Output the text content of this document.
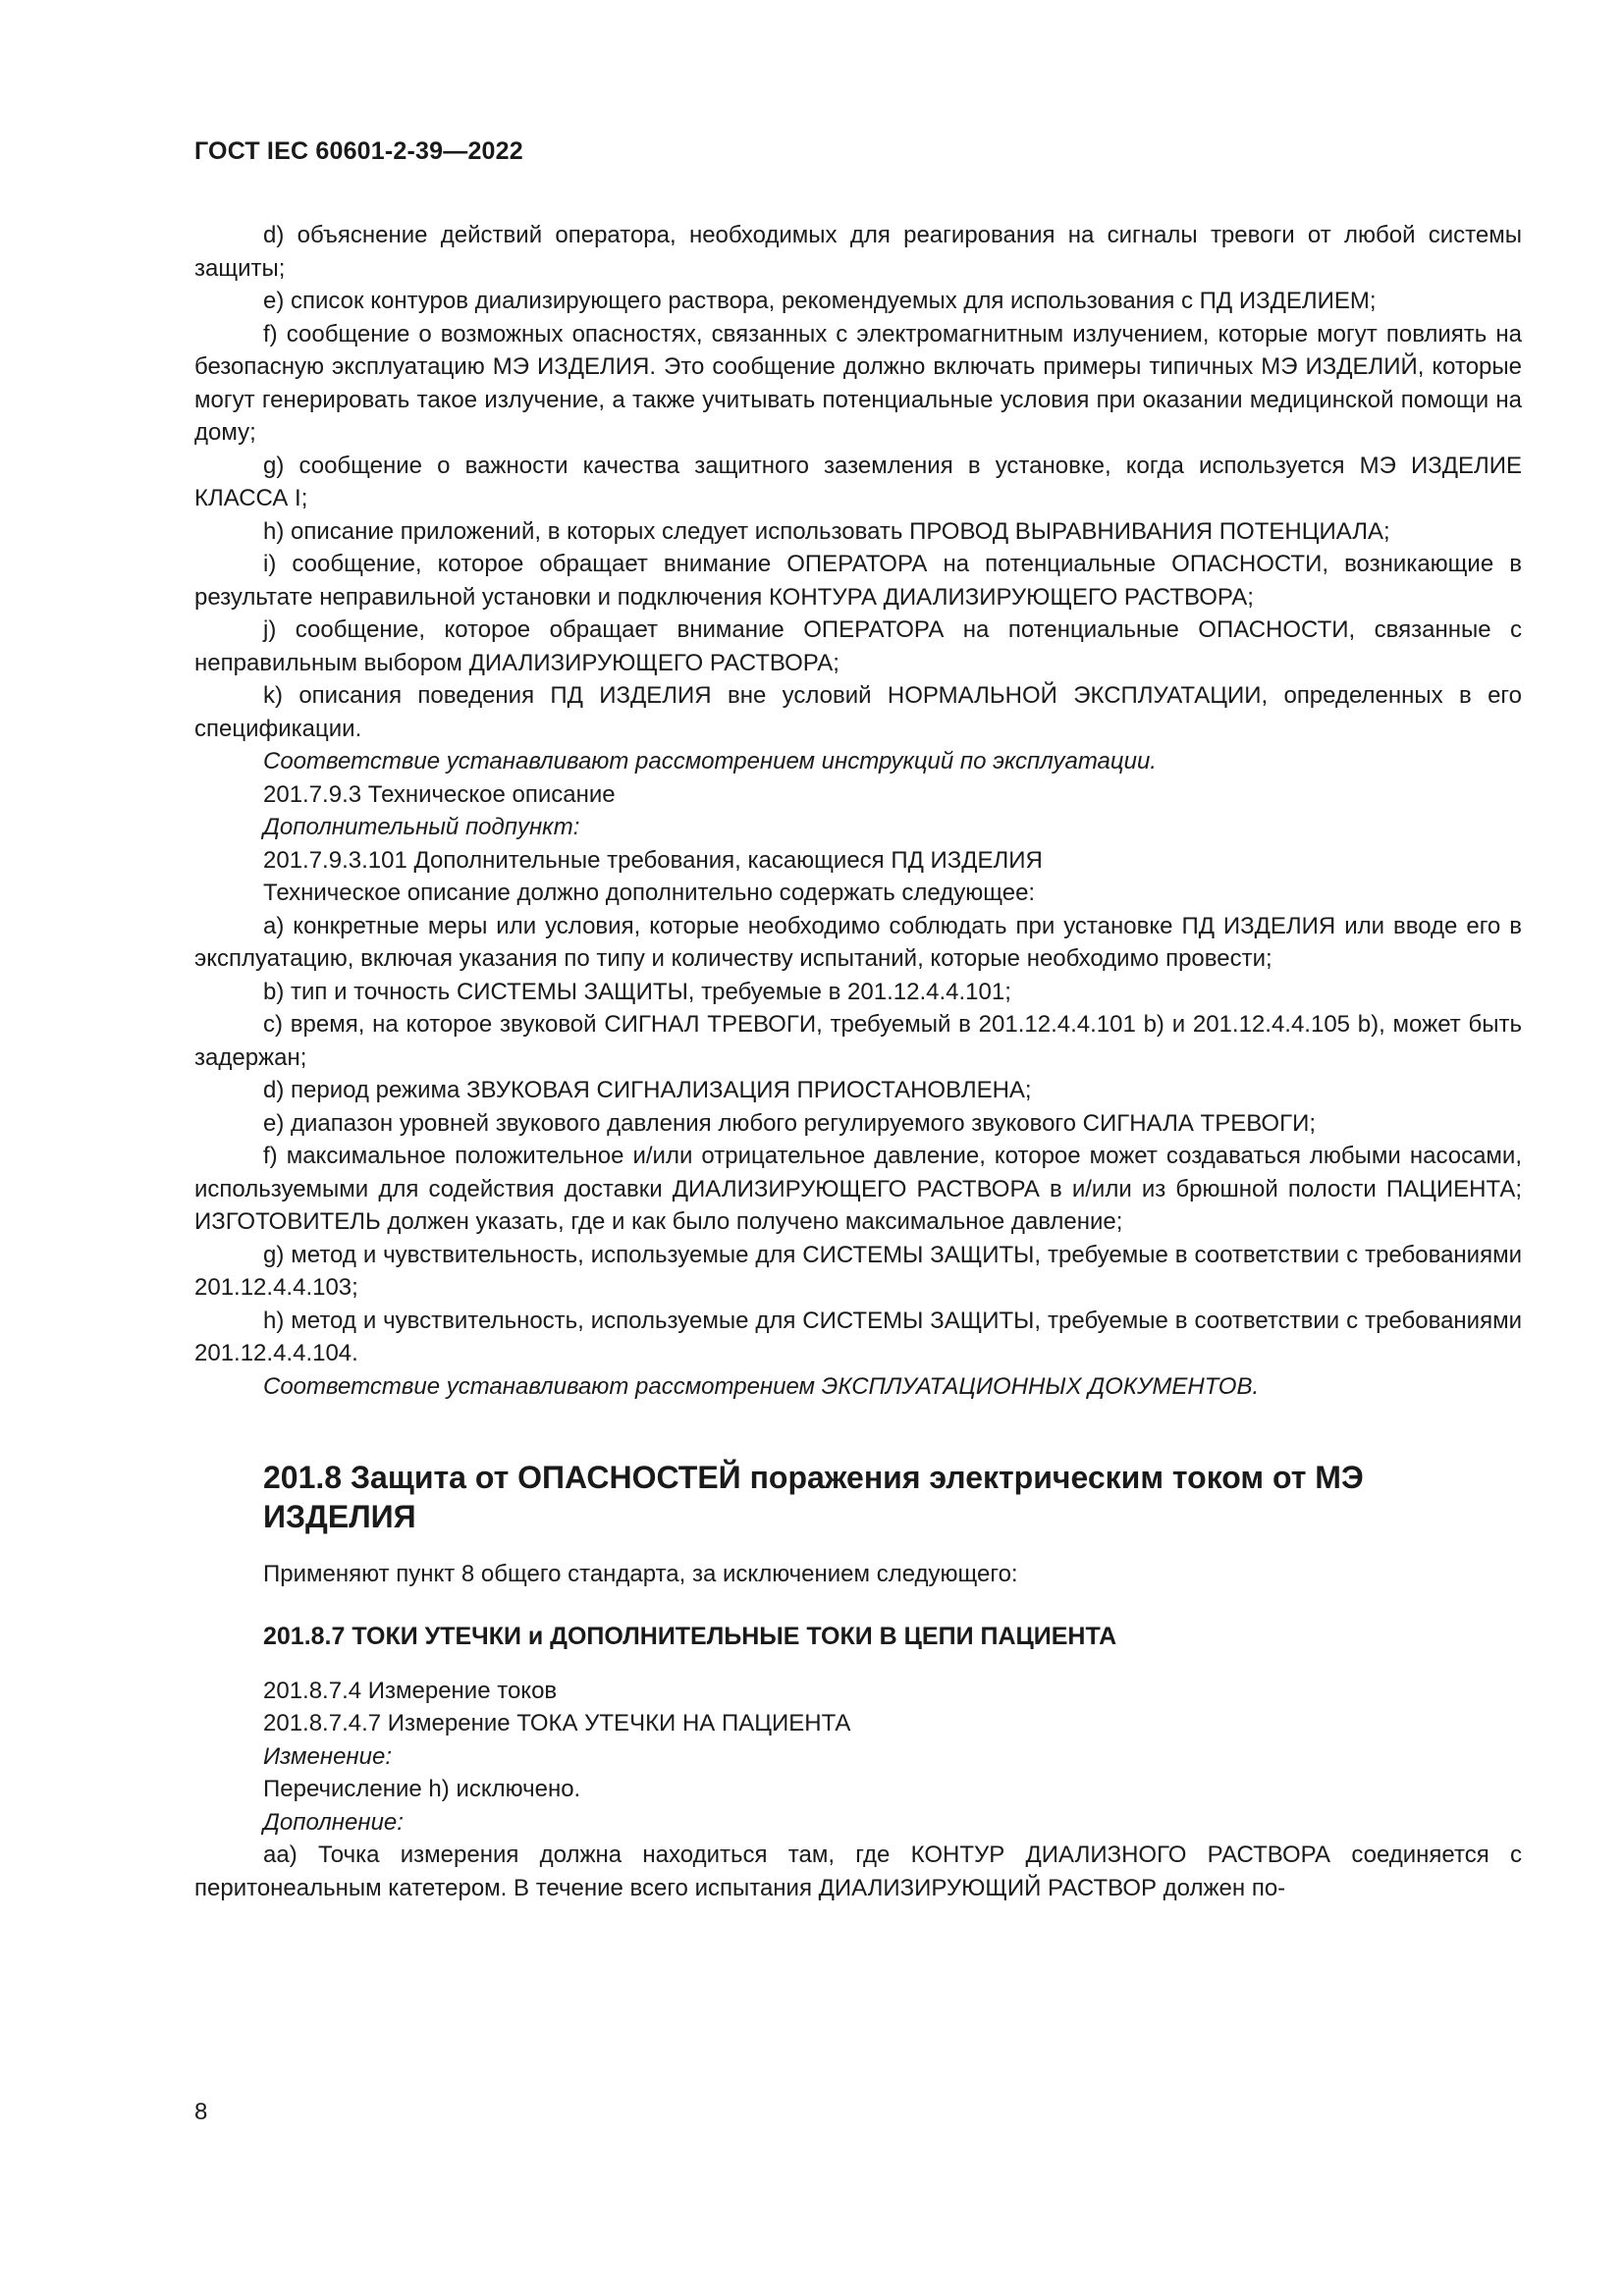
ГОСТ IEC 60601-2-39—2022

d) объяснение действий оператора, необходимых для реагирования на сигналы тревоги от любой системы защиты;

e) список контуров диализирующего раствора, рекомендуемых для использования с ПД ИЗДЕЛИЕМ;

f) сообщение о возможных опасностях, связанных с электромагнитным излучением, которые могут повлиять на безопасную эксплуатацию МЭ ИЗДЕЛИЯ. Это сообщение должно включать примеры типичных МЭ ИЗДЕЛИЙ, которые могут генерировать такое излучение, а также учитывать потенциальные условия при оказании медицинской помощи на дому;

g) сообщение о важности качества защитного заземления в установке, когда используется МЭ ИЗДЕЛИЕ КЛАССА I;

h) описание приложений, в которых следует использовать ПРОВОД ВЫРАВНИВАНИЯ ПОТЕНЦИАЛА;

i) сообщение, которое обращает внимание ОПЕРАТОРА на потенциальные ОПАСНОСТИ, возникающие в результате неправильной установки и подключения КОНТУРА ДИАЛИЗИРУЮЩЕГО РАСТВОРА;

j) сообщение, которое обращает внимание ОПЕРАТОРА на потенциальные ОПАСНОСТИ, связанные с неправильным выбором ДИАЛИЗИРУЮЩЕГО РАСТВОРА;

k) описания поведения ПД ИЗДЕЛИЯ вне условий НОРМАЛЬНОЙ ЭКСПЛУАТАЦИИ, определенных в его спецификации.

Соответствие устанавливают рассмотрением инструкций по эксплуатации.

201.7.9.3 Техническое описание

Дополнительный подпункт:

201.7.9.3.101 Дополнительные требования, касающиеся ПД ИЗДЕЛИЯ

Техническое описание должно дополнительно содержать следующее:

a) конкретные меры или условия, которые необходимо соблюдать при установке ПД ИЗДЕЛИЯ или вводе его в эксплуатацию, включая указания по типу и количеству испытаний, которые необходимо провести;

b) тип и точность СИСТЕМЫ ЗАЩИТЫ, требуемые в 201.12.4.4.101;

c) время, на которое звуковой СИГНАЛ ТРЕВОГИ, требуемый в 201.12.4.4.101 b) и 201.12.4.4.105 b), может быть задержан;

d) период режима ЗВУКОВАЯ СИГНАЛИЗАЦИЯ ПРИОСТАНОВЛЕНА;

e) диапазон уровней звукового давления любого регулируемого звукового СИГНАЛА ТРЕВОГИ;

f) максимальное положительное и/или отрицательное давление, которое может создаваться любыми насосами, используемыми для содействия доставки ДИАЛИЗИРУЮЩЕГО РАСТВОРА в и/или из брюшной полости ПАЦИЕНТА; ИЗГОТОВИТЕЛЬ должен указать, где и как было получено максимальное давление;

g) метод и чувствительность, используемые для СИСТЕМЫ ЗАЩИТЫ, требуемые в соответствии с требованиями 201.12.4.4.103;

h) метод и чувствительность, используемые для СИСТЕМЫ ЗАЩИТЫ, требуемые в соответствии с требованиями 201.12.4.4.104.

Соответствие устанавливают рассмотрением ЭКСПЛУАТАЦИОННЫХ ДОКУМЕНТОВ.

201.8 Защита от ОПАСНОСТЕЙ поражения электрическим током от МЭ ИЗДЕЛИЯ

Применяют пункт 8 общего стандарта, за исключением следующего:

201.8.7 ТОКИ УТЕЧКИ и ДОПОЛНИТЕЛЬНЫЕ ТОКИ В ЦЕПИ ПАЦИЕНТА

201.8.7.4 Измерение токов

201.8.7.4.7 Измерение ТОКА УТЕЧКИ НА ПАЦИЕНТА

Изменение:

Перечисление h) исключено.

Дополнение:

aa) Точка измерения должна находиться там, где КОНТУР ДИАЛИЗНОГО РАСТВОРА соединяется с перитонеальным катетером. В течение всего испытания ДИАЛИЗИРУЮЩИЙ РАСТВОР должен по-

8
